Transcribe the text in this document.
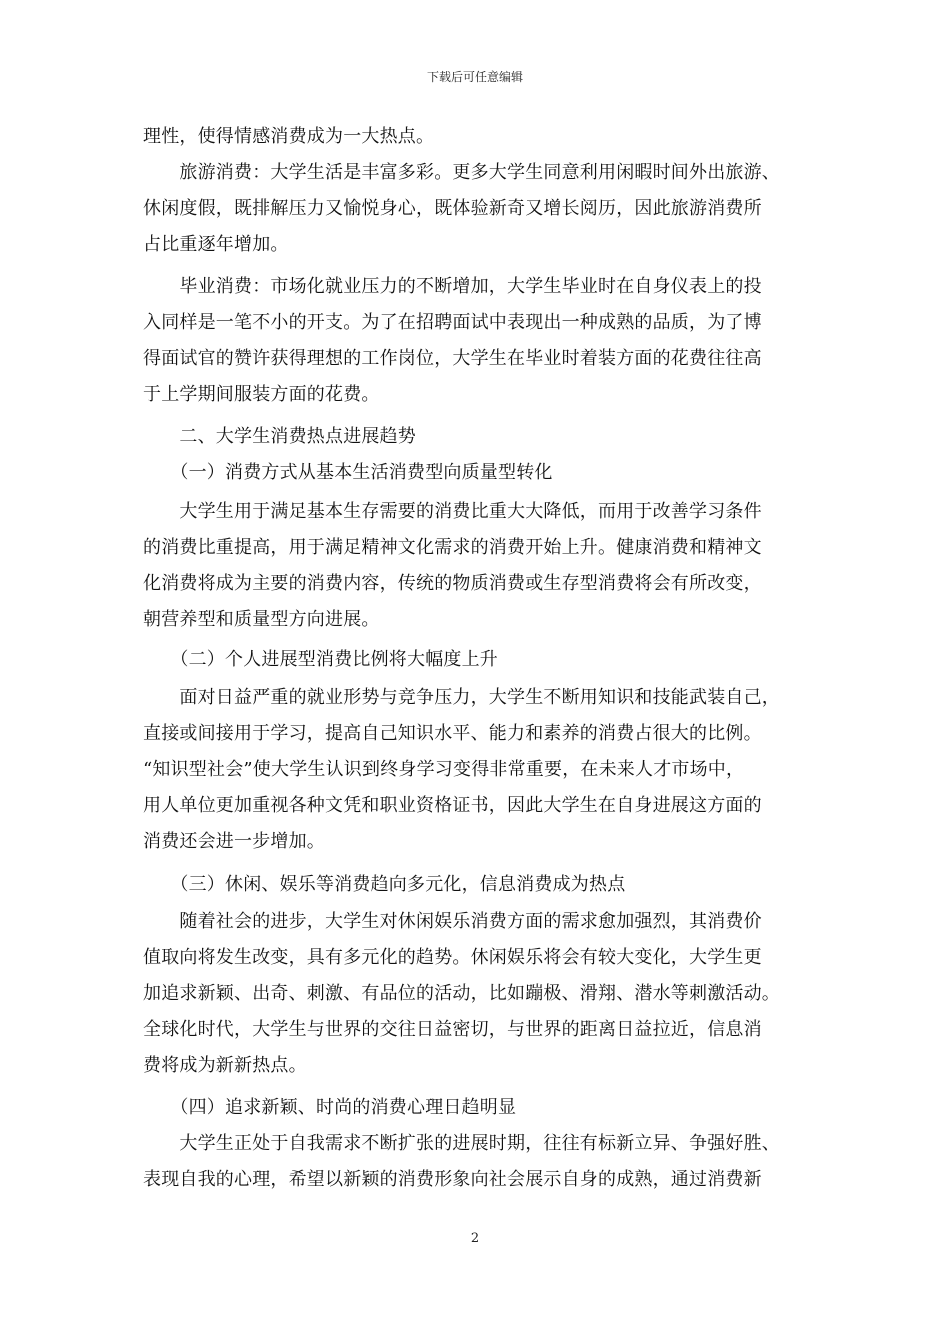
下载后可任意编辑
理性，使得情感消费成为一大热点。
　　旅游消费：大学生活是丰富多彩。更多大学生同意利用闲暇时间外出旅游、
休闲度假，既排解压力又愉悦身心，既体验新奇又增长阅历，因此旅游消费所
占比重逐年增加。
　　毕业消费：市场化就业压力的不断增加，大学生毕业时在自身仪表上的投
入同样是一笔不小的开支。为了在招聘面试中表现出一种成熟的品质，为了博
得面试官的赞许获得理想的工作岗位，大学生在毕业时着装方面的花费往往高
于上学期间服装方面的花费。
　　二、大学生消费热点进展趋势
　　（一）消费方式从基本生活消费型向质量型转化
　　大学生用于满足基本生存需要的消费比重大大降低，而用于改善学习条件
的消费比重提高，用于满足精神文化需求的消费开始上升。健康消费和精神文
化消费将成为主要的消费内容，传统的物质消费或生存型消费将会有所改变，
朝营养型和质量型方向进展。
　　（二）个人进展型消费比例将大幅度上升
　　面对日益严重的就业形势与竞争压力，大学生不断用知识和技能武装自己，
直接或间接用于学习，提高自己知识水平、能力和素养的消费占很大的比例。
“知识型社会”使大学生认识到终身学习变得非常重要，在未来人才市场中，
用人单位更加重视各种文凭和职业资格证书，因此大学生在自身进展这方面的
消费还会进一步增加。
　　（三）休闲、娱乐等消费趋向多元化，信息消费成为热点
　　随着社会的进步，大学生对休闲娱乐消费方面的需求愈加强烈，其消费价
值取向将发生改变，具有多元化的趋势。休闲娱乐将会有较大变化，大学生更
加追求新颖、出奇、刺激、有品位的活动，比如蹦极、滑翔、潜水等刺激活动。
全球化时代，大学生与世界的交往日益密切，与世界的距离日益拉近，信息消
费将成为新新热点。
　　（四）追求新颖、时尚的消费心理日趋明显
　　大学生正处于自我需求不断扩张的进展时期，往往有标新立异、争强好胜、
表现自我的心理，希望以新颖的消费形象向社会展示自身的成熟，通过消费新
2
